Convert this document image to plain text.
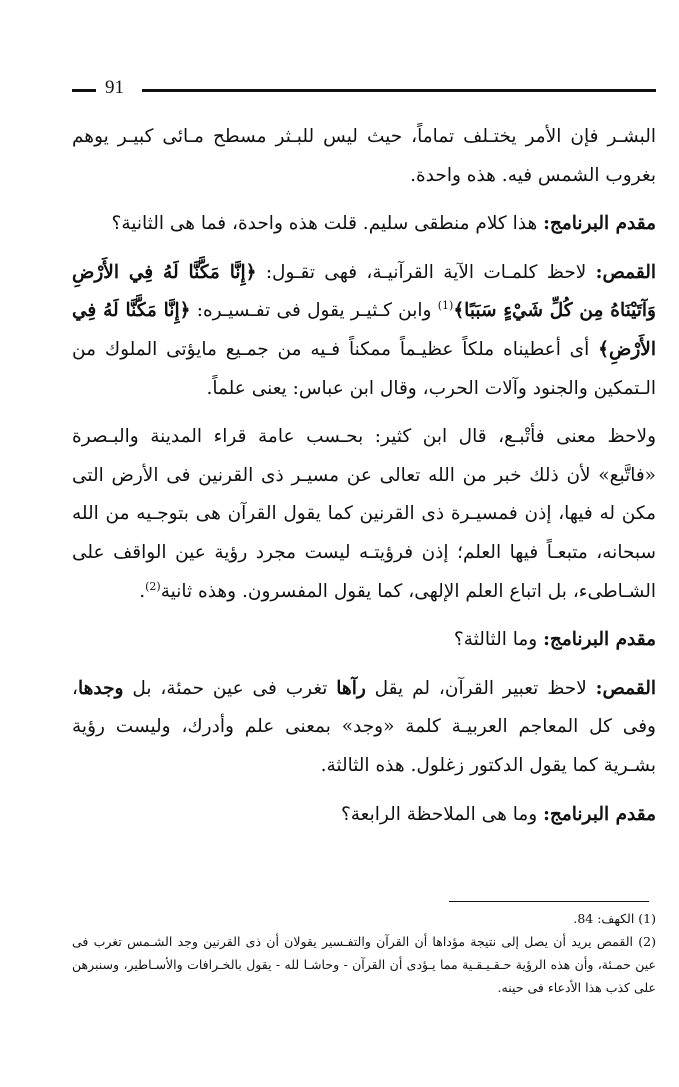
91

البشـر فإن الأمر يختـلف تماماً، حيث ليس للبـثر مسطح مـائى كبيـر يوهم بغروب الشمس فيه. هذه واحدة.

مقدم البرنامج: هذا كلام منطقى سليم. قلت هذه واحدة، فما هى الثانية؟

القمص: لاحظ كلمـات الآية القرآنيـة، فهى تقـول: ﴿إِنَّا مَكَّنَّا لَهُ فِي الأَرْضِ وَآتَيْنَاهُ مِن كُلِّ شَيْءٍ سَبَبًا﴾$^{(1)}$ وابن كـثيـر يقول فى تفـسيـره: ﴿إِنَّا مَكَّنَّا لَهُ فِي الأَرْضِ﴾ أى أعطيناه ملكاً عظيـماً ممكناً فـيه من جمـيع مايؤتى الملوك من الـتمكين والجنود وآلات الحرب، وقال ابن عباس: يعنى علماً.

ولاحظ معنى فأتْبـع، قال ابن كثير: بحـسب عامة قراء المدينة والبـصرة «فاتَّبع» لأن ذلك خبر من الله تعالى عن مسيـر ذى القرنين فى الأرض التى مكن له فيها، إذن فمسيـرة ذى القرنين كما يقول القرآن هى بتوجـيه من الله سبحانه، متبعـاً فيها العلم؛ إذن فرؤيتـه ليست مجرد رؤية عين الواقف على الشـاطىء، بل اتباع العلم الإلهى، كما يقول المفسرون. وهذه ثانية$^{(2)}$.

مقدم البرنامج: وما الثالثة؟

القمص: لاحظ تعبير القرآن، لم يقل رآها تغرب فى عين حمئة، بل وجدها، وفى كل المعاجم العربيـة كلمة «وجد» بمعنى علم وأدرك، وليست رؤية بشـرية كما يقول الدكتور زغلول. هذه الثالثة.

مقدم البرنامج: وما هى الملاحظة الرابعة؟

(1) الكهف: 84.

(2) القمص يريد أن يصل إلى نتيجة مؤداها أن القرآن والتفـسير يقولان أن ذى القرنين وجد الشـمس تغرب فى عين حمـئة، وأن هذه الرؤية حـقـيـقـية مما يـؤدى أن القرآن - وحاشـا لله - يقول بالخـرافات والأسـاطير، وسنبرهن على كذب هذا الأدعاء فى حينه.
